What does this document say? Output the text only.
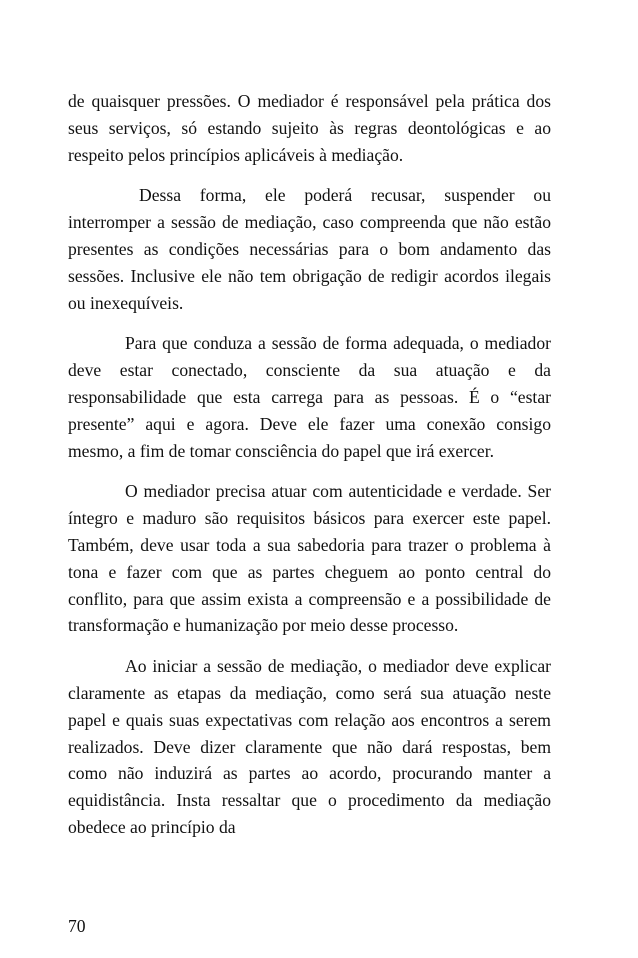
de quaisquer pressões. O mediador é responsável pela prática dos seus serviços, só estando sujeito às regras deontológicas e ao respeito pelos princípios aplicáveis à mediação.

Dessa forma, ele poderá recusar, suspender ou interromper a sessão de mediação, caso compreenda que não estão presentes as condições necessárias para o bom andamento das sessões. Inclusive ele não tem obrigação de redigir acordos ilegais ou inexequíveis.

Para que conduza a sessão de forma adequada, o mediador deve estar conectado, consciente da sua atuação e da responsabilidade que esta carrega para as pessoas. É o “estar presente” aqui e agora. Deve ele fazer uma conexão consigo mesmo, a fim de tomar consciência do papel que irá exercer.

O mediador precisa atuar com autenticidade e verdade. Ser íntegro e maduro são requisitos básicos para exercer este papel. Também, deve usar toda a sua sabedoria para trazer o problema à tona e fazer com que as partes cheguem ao ponto central do conflito, para que assim exista a compreensão e a possibilidade de transformação e humanização por meio desse processo.

Ao iniciar a sessão de mediação, o mediador deve explicar claramente as etapas da mediação, como será sua atuação neste papel e quais suas expectativas com relação aos encontros a serem realizados. Deve dizer claramente que não dará respostas, bem como não induzirá as partes ao acordo, procurando manter a equidistância. Insta ressaltar que o procedimento da mediação obedece ao princípio da

70
